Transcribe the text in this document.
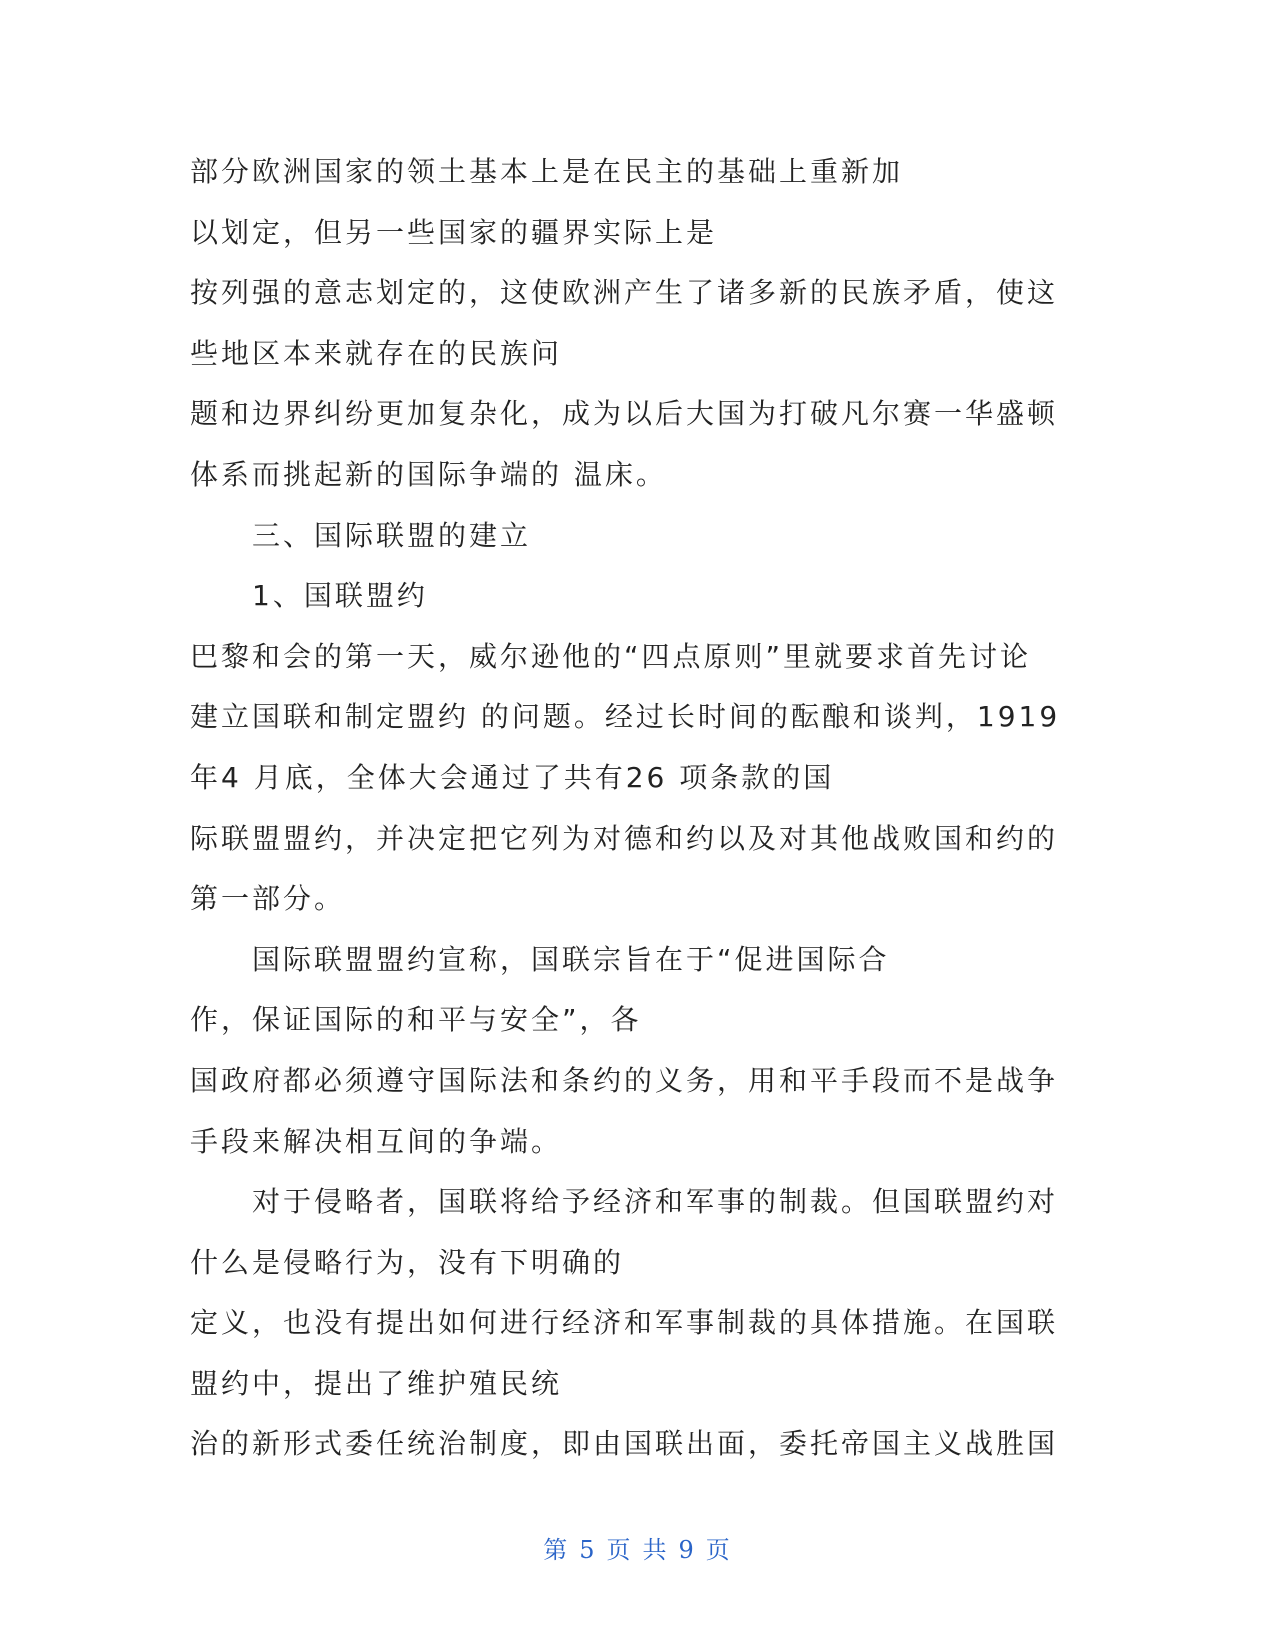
部分欧洲国家的领土基本上是在民主的基础上重新加
以划定，但另一些国家的疆界实际上是
按列强的意志划定的，这使欧洲产生了诸多新的民族矛盾，使这
些地区本来就存在的民族问
题和边界纠纷更加复杂化，成为以后大国为打破凡尔赛一华盛顿
体系而挑起新的国际争端的 温床。
三、国际联盟的建立
1、国联盟约
巴黎和会的第一天，威尔逊他的“四点原则”里就要求首先讨论
建立国联和制定盟约 的问题。经过长时间的酝酿和谈判，1919
年4 月底，全体大会通过了共有26 项条款的国
际联盟盟约，并决定把它列为对德和约以及对其他战败国和约的
第一部分。
国际联盟盟约宣称，国联宗旨在于“促进国际合
作，保证国际的和平与安全”，各
国政府都必须遵守国际法和条约的义务，用和平手段而不是战争
手段来解决相互间的争端。
对于侵略者，国联将给予经济和军事的制裁。但国联盟约对
什么是侵略行为，没有下明确的
定义，也没有提出如何进行经济和军事制裁的具体措施。在国联
盟约中，提出了维护殖民统
治的新形式委任统治制度，即由国联出面，委托帝国主义战胜国
第 5 页 共 9 页
